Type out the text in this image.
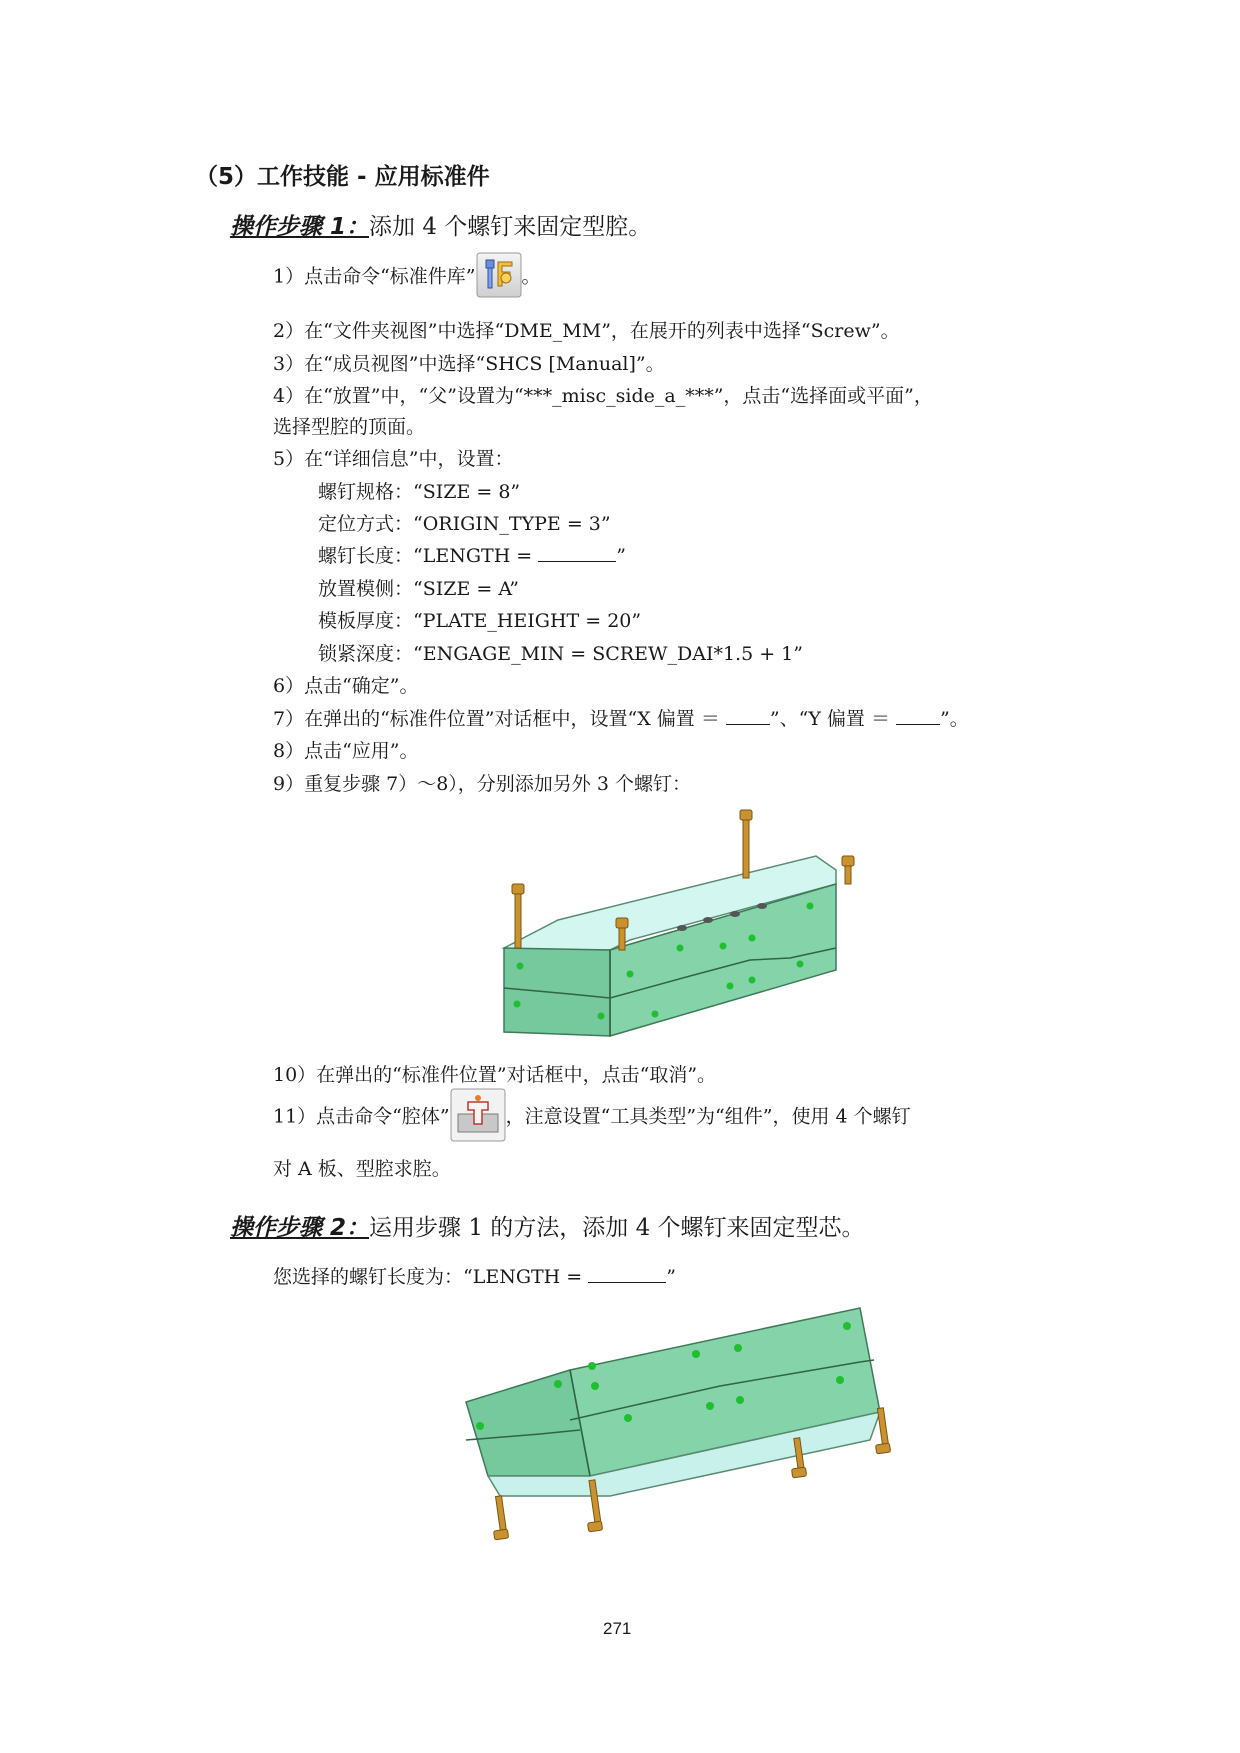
（5）工作技能 - 应用标准件
操作步骤 1：添加 4 个螺钉来固定型腔。
1）点击命令“标准件库” 。
2）在“文件夹视图”中选择“DME_MM”，在展开的列表中选择“Screw”。
3）在“成员视图”中选择“SHCS [Manual]”。
4）在“放置”中，“父”设置为“***_misc_side_a_***”，点击“选择面或平面”，
选择型腔的顶面。
5）在“详细信息”中，设置：
螺钉规格：“SIZE = 8”
定位方式：“ORIGIN_TYPE = 3”
螺钉长度：“LENGTH =	”
放置模侧：“SIZE = A”
模板厚度：“PLATE_HEIGHT = 20”
锁紧深度：“ENGAGE_MIN = SCREW_DAI*1.5 + 1”
6）点击“确定”。
7）在弹出的“标准件位置”对话框中，设置“X 偏置 ＝	”、“Y 偏置 ＝	”。
8）点击“应用”。
9）重复步骤 7）～8），分别添加另外 3 个螺钉：
10）在弹出的“标准件位置”对话框中，点击“取消”。
11）点击命令“腔体”	，注意设置“工具类型”为“组件”，使用 4 个螺钉
对 A 板、型腔求腔。
操作步骤 2：运用步骤 1 的方法，添加 4 个螺钉来固定型芯。
您选择的螺钉长度为：“LENGTH =	”
271
